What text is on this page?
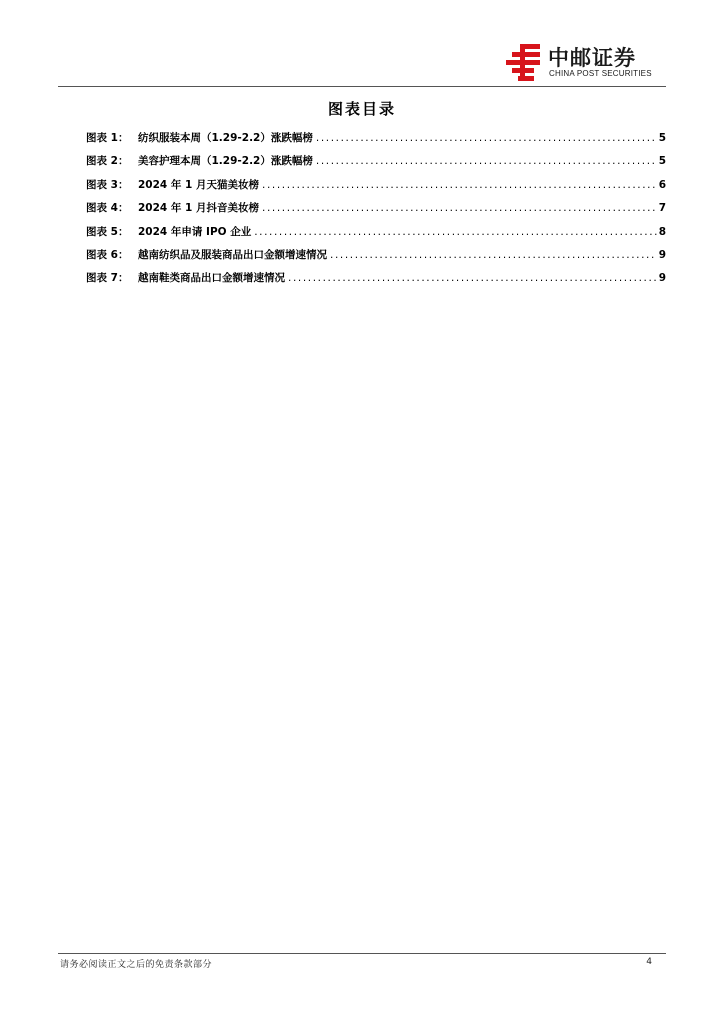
中邮证券
CHINA POST SECURITIES
图表目录
图表 1： 纺织服装本周（1.29-2.2）涨跌幅榜 .....	5
图表 2： 美容护理本周（1.29-2.2）涨跌幅榜 .....	5
图表 3： 2024 年 1 月天猫美妆榜 .....	6
图表 4： 2024 年 1 月抖音美妆榜 .....	7
图表 5： 2024 年申请 IPO 企业 .....	8
图表 6： 越南纺织品及服装商品出口金额增速情况 .....	9
图表 7： 越南鞋类商品出口金额增速情况 .....	9
请务必阅读正文之后的免责条款部分	4
